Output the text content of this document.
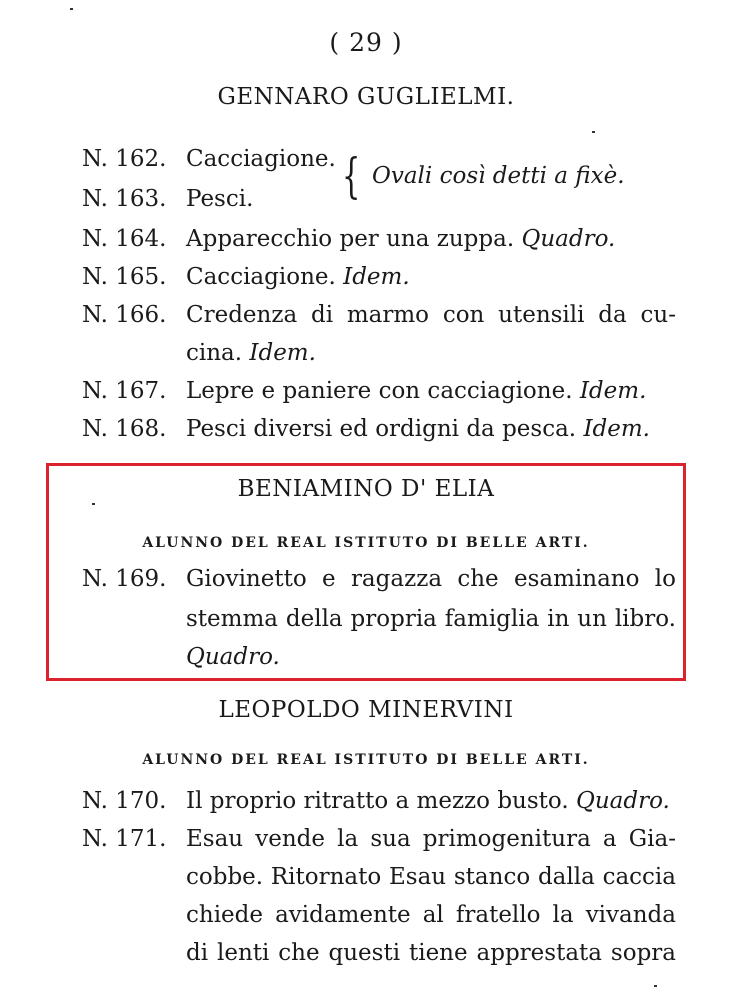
( 29 )
GENNARO GUGLIELMI.
N. 162. Cacciagione.
N. 163. Pesci.	{ Ovali così detti a fixè.
N. 164. Apparecchio per una zuppa. Quadro.
N. 165. Cacciagione. Idem.
N. 166. Credenza di marmo con utensili da cu-
cina. Idem.
N. 167. Lepre e paniere con cacciagione. Idem.
N. 168. Pesci diversi ed ordigni da pesca. Idem.
BENIAMINO D' ELIA
ALUNNO DEL REAL ISTITUTO DI BELLE ARTI.
N. 169. Giovinetto e ragazza che esaminano lo
stemma della propria famiglia in un libro.
Quadro.
LEOPOLDO MINERVINI
ALUNNO DEL REAL ISTITUTO DI BELLE ARTI.
N. 170. Il proprio ritratto a mezzo busto. Quadro.
N. 171. Esau vende la sua primogenitura a Gia-
cobbe. Ritornato Esau stanco dalla caccia
chiede avidamente al fratello la vivanda
di lenti che questi tiene apprestata sopra
